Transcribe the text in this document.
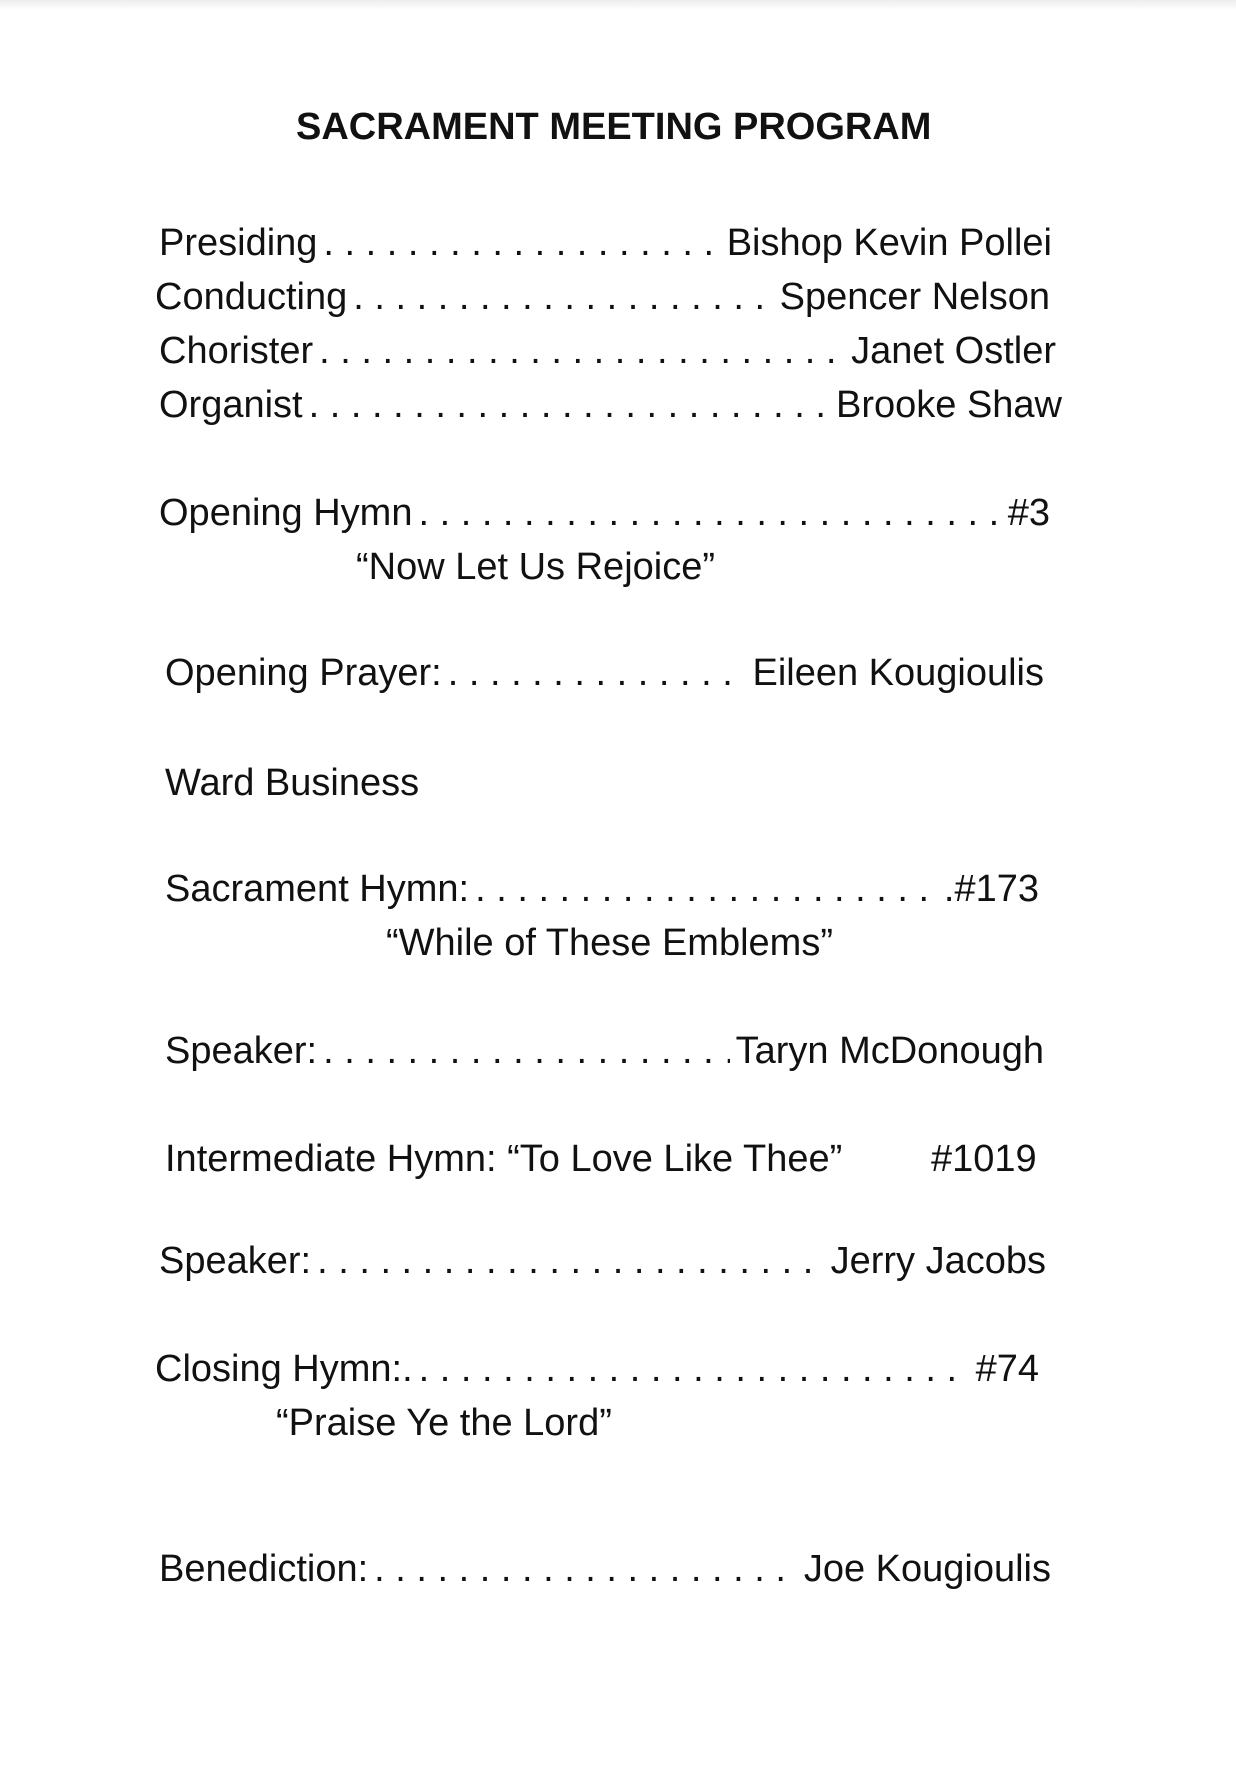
SACRAMENT MEETING PROGRAM
Presiding . . .	Bishop Kevin Pollei
Conducting . . .	Spencer Nelson
Chorister . . .	Janet Ostler
Organist . . .	Brooke Shaw
Opening Hymn . . .	#3
“Now Let Us Rejoice”
Opening Prayer: . . .	Eileen Kougioulis
Ward Business
Sacrament Hymn: . . .	.#173
“While of These Emblems”
Speaker: . . .	Taryn McDonough
Intermediate Hymn: “To Love Like Thee” #1019
Speaker: . . .	Jerry Jacobs
Closing Hymn:. . . .	#74
“Praise Ye the Lord”
Benediction: . . .	Joe Kougioulis
